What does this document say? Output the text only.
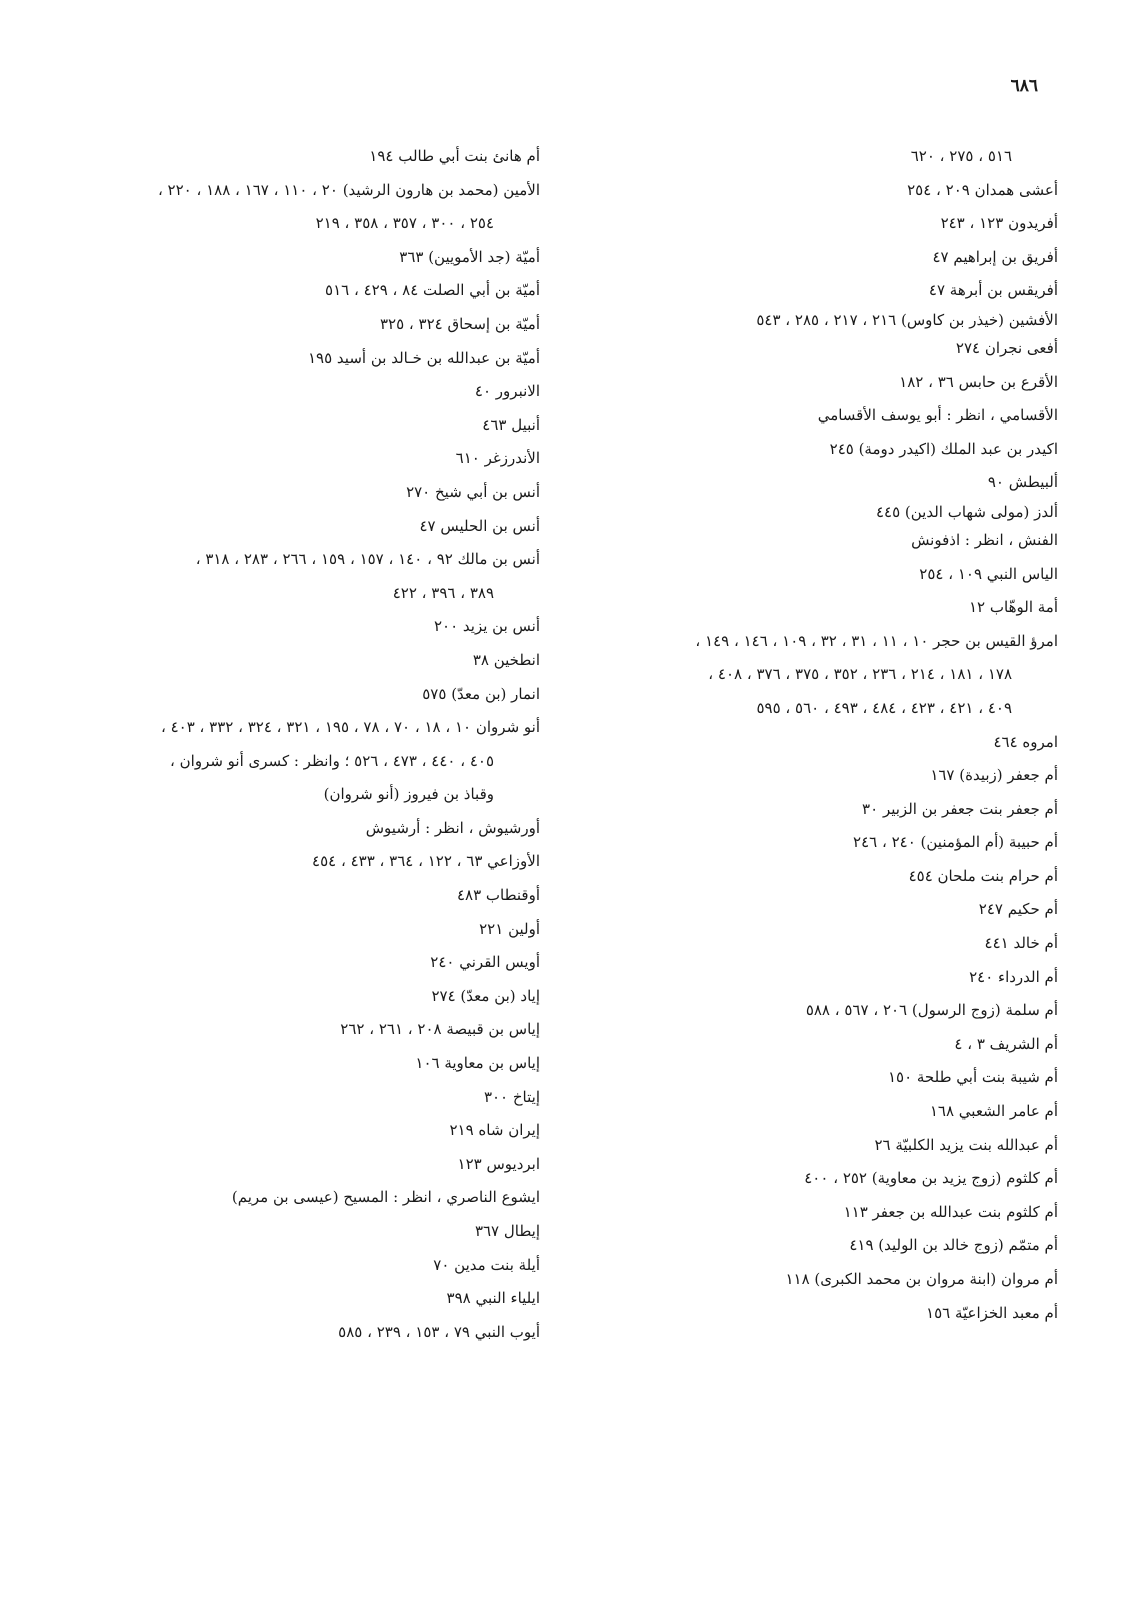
٦٨٦
٥١٦ ، ٢٧٥ ، ٦٢٠
أعشى همدان ٢٠٩ ، ٢٥٤
أفريدون ١٢٣ ، ٢٤٣
أفريق بن إبراهيم ٤٧
أفريقس بن أبرهة ٤٧
الأفشين (خيذر بن كاوس) ٢١٦ ، ٢١٧ ، ٢٨٥ ، ٥٤٣
أفعى نجران ٢٧٤
الأقرع بن حابس ٣٦ ، ١٨٢
الأقسامي ، انظر : أبو يوسف الأقسامي
اكيدر بن عبد الملك (اكيدر دومة) ٢٤٥
ألبيطش ٩٠
ألدز (مولى شهاب الدين) ٤٤٥
الفنش ، انظر : اذفونش
الياس النبي ١٠٩ ، ٢٥٤
أمة الوهّاب ١٢
امرؤ القيس بن حجر ١٠ ، ١١ ، ٣١ ، ٣٢ ، ١٠٩ ، ١٤٦ ، ١٤٩ ،
١٧٨ ، ١٨١ ، ٢١٤ ، ٢٣٦ ، ٣٥٢ ، ٣٧٥ ، ٣٧٦ ، ٤٠٨ ،
٤٠٩ ، ٤٢١ ، ٤٢٣ ، ٤٨٤ ، ٤٩٣ ، ٥٦٠ ، ٥٩٥
امروه ٤٦٤
أم جعفر (زبيدة) ١٦٧
أم جعفر بنت جعفر بن الزبير ٣٠
أم حبيبة (أم المؤمنين) ٢٤٠ ، ٢٤٦
أم حرام بنت ملحان ٤٥٤
أم حكيم ٢٤٧
أم خالد ٤٤١
أم الدرداء ٢٤٠
أم سلمة (زوج الرسول) ٢٠٦ ، ٥٦٧ ، ٥٨٨
أم الشريف ٣ ، ٤
أم شيبة بنت أبي طلحة ١٥٠
أم عامر الشعبي ١٦٨
أم عبدالله بنت يزيد الكلبيّة ٢٦
أم كلثوم (زوج يزيد بن معاوية) ٢٥٢ ، ٤٠٠
أم كلثوم بنت عبدالله بن جعفر ١١٣
أم متمّم (زوج خالد بن الوليد) ٤١٩
أم مروان (ابنة مروان بن محمد الكبرى) ١١٨
أم معبد الخزاعيّة ١٥٦
أم هانئ بنت أبي طالب ١٩٤
الأمين (محمد بن هارون الرشيد) ٢٠ ، ١١٠ ، ١٦٧ ، ١٨٨ ، ٢٢٠ ،
٢٥٤ ، ٣٠٠ ، ٣٥٧ ، ٣٥٨ ، ٢١٩
أميّة (جد الأمويين) ٣٦٣
أميّة بن أبي الصلت ٨٤ ، ٤٢٩ ، ٥١٦
أميّة بن إسحاق ٣٢٤ ، ٣٢٥
أميّة بن عبدالله بن خـالد بن أسيد ١٩٥
الانبرور ٤٠
أنبيل ٤٦٣
الأندرزغر ٦١٠
أنس بن أبي شيخ ٢٧٠
أنس بن الحليس ٤٧
أنس بن مالك ٩٢ ، ١٤٠ ، ١٥٧ ، ١٥٩ ، ٢٦٦ ، ٢٨٣ ، ٣١٨ ،
٣٨٩ ، ٣٩٦ ، ٤٢٢
أنس بن يزيد ٢٠٠
انطخين ٣٨
انمار (بن معدّ) ٥٧٥
أنو شروان ١٠ ، ١٨ ، ٧٠ ، ٧٨ ، ١٩٥ ، ٣٢١ ، ٣٢٤ ، ٣٣٢ ، ٤٠٣ ،
٤٠٥ ، ٤٤٠ ، ٤٧٣ ، ٥٢٦ ؛ وانظر : كسرى أنو شروان ،
وقباذ بن فيروز (أنو شروان)
أورشيوش ، انظر : أرشيوش
الأوزاعي ٦٣ ، ١٢٢ ، ٣٦٤ ، ٤٣٣ ، ٤٥٤
أوقنطاب ٤٨٣
أولين ٢٢١
أويس القرني ٢٤٠
إياد (بن معدّ) ٢٧٤
إياس بن قبيصة ٢٠٨ ، ٢٦١ ، ٢٦٢
إياس بن معاوية ١٠٦
إيتاخ ٣٠٠
إيران شاه ٢١٩
ابرديوس ١٢٣
ايشوع الناصري ، انظر : المسيح (عيسى بن مريم)
إيطال ٣٦٧
أيلة بنت مدين ٧٠
ايلياء النبي ٣٩٨
أيوب النبي ٧٩ ، ١٥٣ ، ٢٣٩ ، ٥٨٥
